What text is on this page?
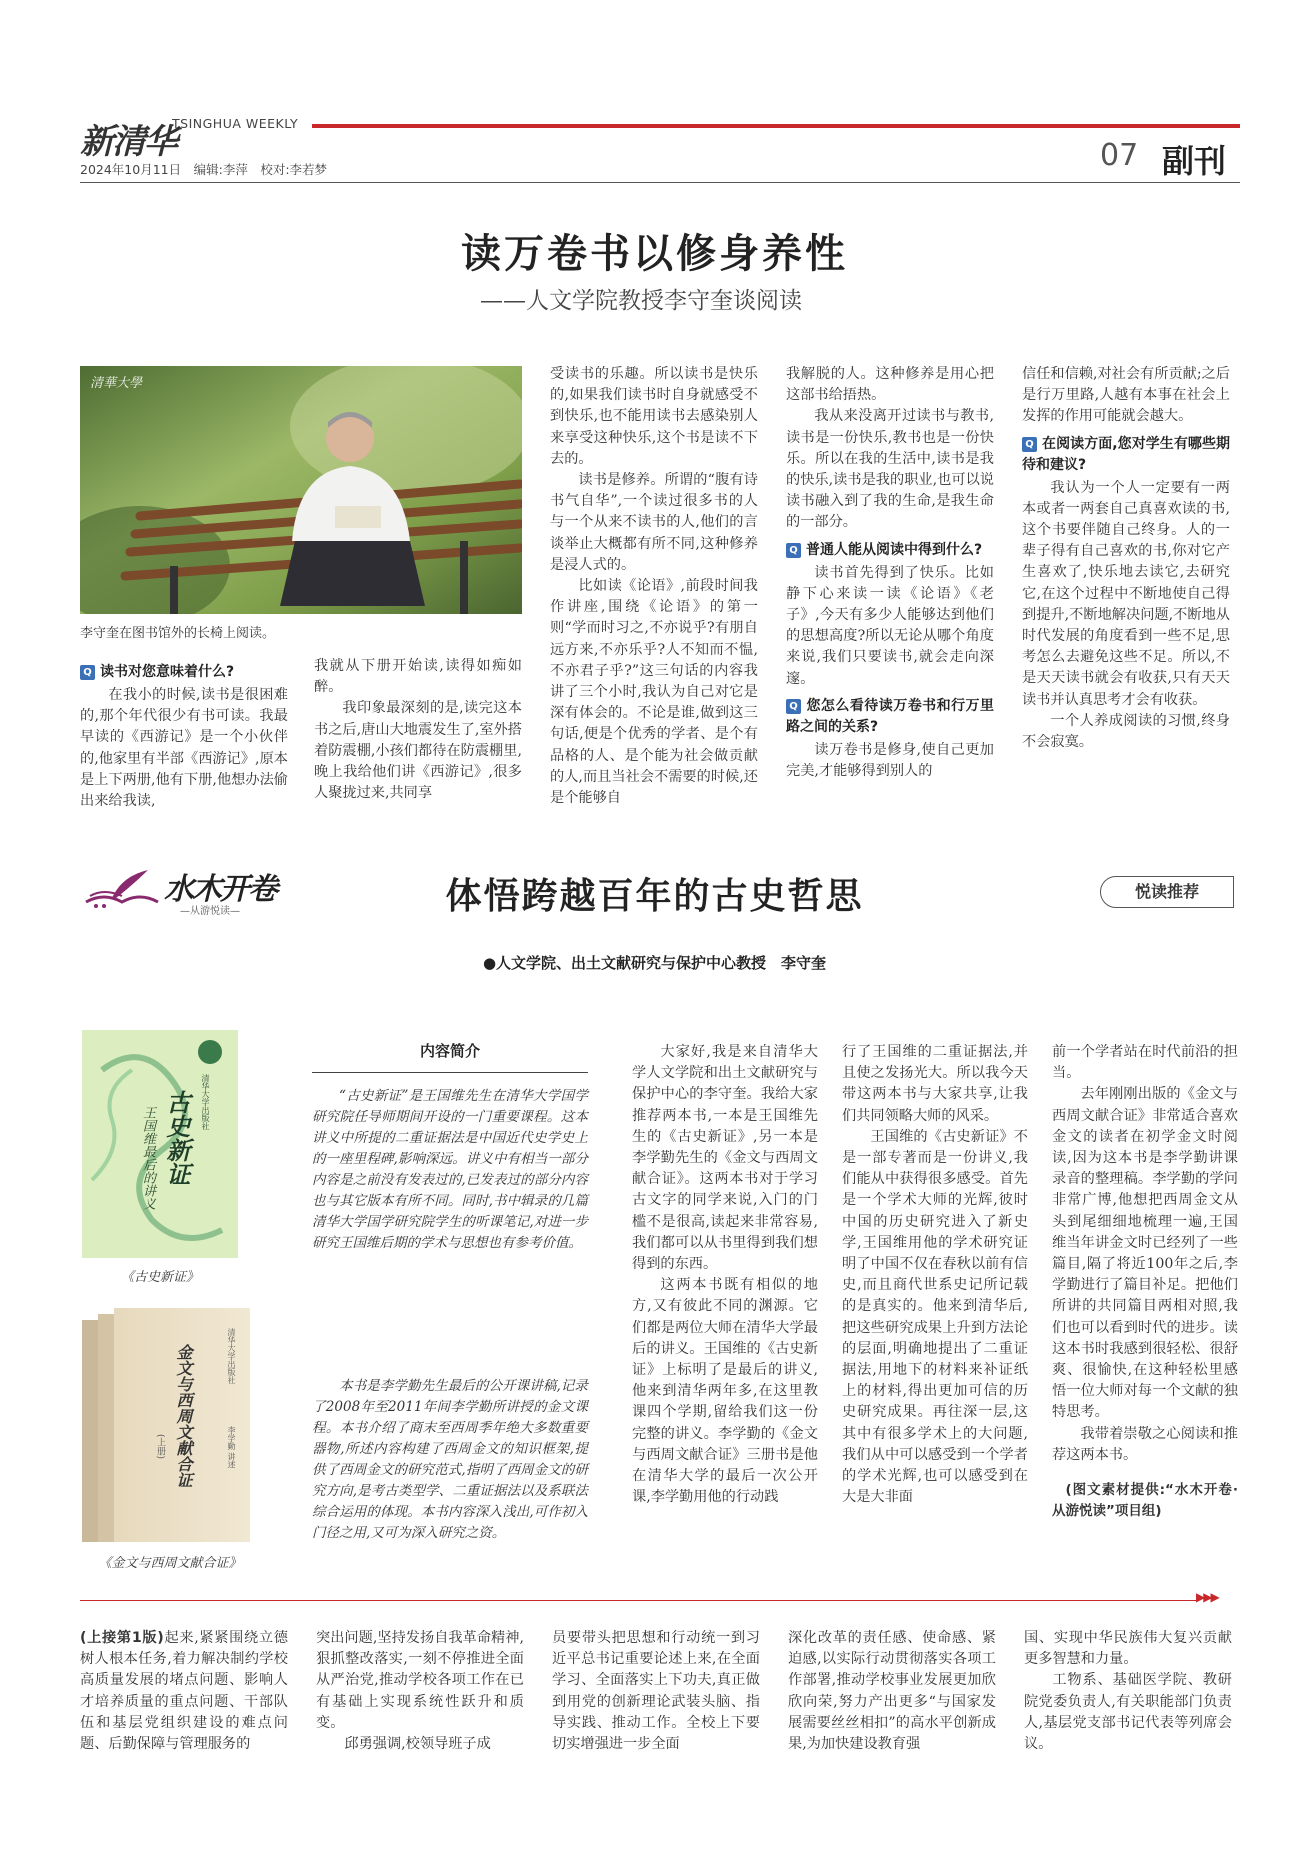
新清华
TSINGHUA WEEKLY
07 副刊
2024年10月11日　编辑:李萍　校对:李若梦
读万卷书以修身养性
——人文学院教授李守奎谈阅读
清華大學
李守奎在图书馆外的长椅上阅读。
Q 读书对您意味着什么?
在我小的时候,读书是很困难的,那个年代很少有书可读。我最早读的《西游记》是一个小伙伴的,他家里有半部《西游记》,原本是上下两册,他有下册,他想办法偷出来给我读,
我就从下册开始读,读得如痴如醉。
我印象最深刻的是,读完这本书之后,唐山大地震发生了,室外搭着防震棚,小孩们都待在防震棚里,晚上我给他们讲《西游记》,很多人聚拢过来,共同享
受读书的乐趣。所以读书是快乐的,如果我们读书时自身就感受不到快乐,也不能用读书去感染别人来享受这种快乐,这个书是读不下去的。
读书是修养。所谓的“腹有诗书气自华”,一个读过很多书的人与一个从来不读书的人,他们的言谈举止大概都有所不同,这种修养是浸人式的。
比如读《论语》,前段时间我作讲座,围绕《论语》的第一则“学而时习之,不亦说乎?有朋自远方来,不亦乐乎?人不知而不愠,不亦君子乎?”这三句话的内容我讲了三个小时,我认为自己对它是深有体会的。不论是谁,做到这三句话,便是个优秀的学者、是个有品格的人、是个能为社会做贡献的人,而且当社会不需要的时候,还是个能够自
我解脱的人。这种修养是用心把这部书给捂热。
我从来没离开过读书与教书,读书是一份快乐,教书也是一份快乐。所以在我的生活中,读书是我的快乐,读书是我的职业,也可以说读书融入到了我的生命,是我生命的一部分。
Q 普通人能从阅读中得到什么?
读书首先得到了快乐。比如静下心来读一读《论语》《老子》,今天有多少人能够达到他们的思想高度?所以无论从哪个角度来说,我们只要读书,就会走向深邃。
Q 您怎么看待读万卷书和行万里路之间的关系?
读万卷书是修身,使自己更加完美,才能够得到别人的
信任和信赖,对社会有所贡献;之后是行万里路,人越有本事在社会上发挥的作用可能就会越大。
Q 在阅读方面,您对学生有哪些期待和建议?
我认为一个人一定要有一两本或者一两套自己真喜欢读的书,这个书要伴随自己终身。人的一辈子得有自己喜欢的书,你对它产生喜欢了,快乐地去读它,去研究它,在这个过程中不断地使自己得到提升,不断地解决问题,不断地从时代发展的角度看到一些不足,思考怎么去避免这些不足。所以,不是天天读书就会有收获,只有天天读书并认真思考才会有收获。
一个人养成阅读的习惯,终身不会寂寞。
水木开卷
—从游悦读—	体悟跨越百年的古史哲思	悦读推荐
●人文学院、出土文献研究与保护中心教授　李守奎
古史新证
王国维最后的讲义
清华大学出版社
《古史新证》
金文与西周文献合证
(上册)	李学勤 讲述
清华大学出版社
《金文与西周文献合证》
内容简介
“古史新证”是王国维先生在清华大学国学研究院任导师期间开设的一门重要课程。这本讲义中所提的二重证据法是中国近代史学史上的一座里程碑,影响深远。讲义中有相当一部分内容是之前没有发表过的,已发表过的部分内容也与其它版本有所不同。同时,书中辑录的几篇清华大学国学研究院学生的听课笔记,对进一步研究王国维后期的学术与思想也有参考价值。
本书是李学勤先生最后的公开课讲稿,记录了2008年至2011年间李学勤所讲授的金文课程。本书介绍了商末至西周季年绝大多数重要器物,所述内容构建了西周金文的知识框架,提供了西周金文的研究范式,指明了西周金文的研究方向,是考古类型学、二重证据法以及系联法综合运用的体现。本书内容深入浅出,可作初入门径之用,又可为深入研究之资。
大家好,我是来自清华大学人文学院和出土文献研究与保护中心的李守奎。我给大家推荐两本书,一本是王国维先生的《古史新证》,另一本是李学勤先生的《金文与西周文献合证》。这两本书对于学习古文字的同学来说,入门的门槛不是很高,读起来非常容易,我们都可以从书里得到我们想得到的东西。
这两本书既有相似的地方,又有彼此不同的渊源。它们都是两位大师在清华大学最后的讲义。王国维的《古史新证》上标明了是最后的讲义,他来到清华两年多,在这里教课四个学期,留给我们这一份完整的讲义。李学勤的《金文与西周文献合证》三册书是他在清华大学的最后一次公开课,李学勤用他的行动践
行了王国维的二重证据法,并且使之发扬光大。所以我今天带这两本书与大家共享,让我们共同领略大师的风采。
王国维的《古史新证》不是一部专著而是一份讲义,我们能从中获得很多感受。首先是一个学术大师的光辉,彼时中国的历史研究进入了新史学,王国维用他的学术研究证明了中国不仅在春秋以前有信史,而且商代世系史记所记载的是真实的。他来到清华后,把这些研究成果上升到方法论的层面,明确地提出了二重证据法,用地下的材料来补证纸上的材料,得出更加可信的历史研究成果。再往深一层,这其中有很多学术上的大问题,我们从中可以感受到一个学者的学术光辉,也可以感受到在大是大非面
前一个学者站在时代前沿的担当。
去年刚刚出版的《金文与西周文献合证》非常适合喜欢金文的读者在初学金文时阅读,因为这本书是李学勤讲课录音的整理稿。李学勤的学问非常广博,他想把西周金文从头到尾细细地梳理一遍,王国维当年讲金文时已经列了一些篇目,隔了将近100年之后,李学勤进行了篇目补足。把他们所讲的共同篇目两相对照,我们也可以看到时代的进步。读这本书时我感到很轻松、很舒爽、很愉快,在这种轻松里感悟一位大师对每一个文献的独特思考。
我带着崇敬之心阅读和推荐这两本书。
(图文素材提供:“水木开卷·从游悦读”项目组)
▶▶▶
(上接第1版)起来,紧紧围绕立德树人根本任务,着力解决制约学校高质量发展的堵点问题、影响人才培养质量的重点问题、干部队伍和基层党组织建设的难点问题、后勤保障与管理服务的
突出问题,坚持发扬自我革命精神,狠抓整改落实,一刻不停推进全面从严治党,推动学校各项工作在已有基础上实现系统性跃升和质变。
邱勇强调,校领导班子成
员要带头把思想和行动统一到习近平总书记重要论述上来,在全面学习、全面落实上下功夫,真正做到用党的创新理论武装头脑、指导实践、推动工作。全校上下要切实增强进一步全面
深化改革的责任感、使命感、紧迫感,以实际行动贯彻落实各项工作部署,推动学校事业发展更加欣欣向荣,努力产出更多“与国家发展需要丝丝相扣”的高水平创新成果,为加快建设教育强
国、实现中华民族伟大复兴贡献更多智慧和力量。
工物系、基础医学院、教研院党委负责人,有关职能部门负责人,基层党支部书记代表等列席会议。
